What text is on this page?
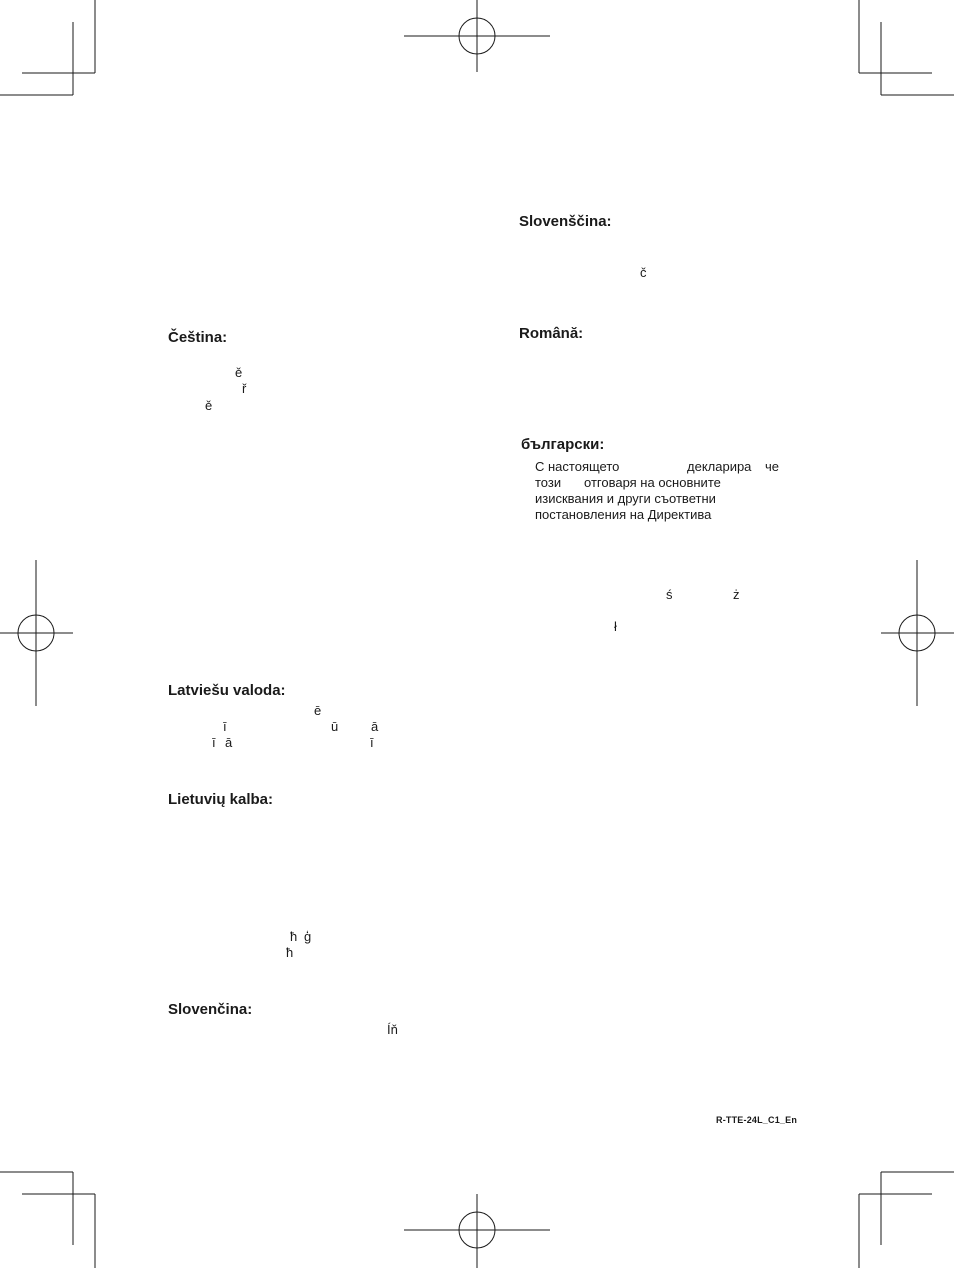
Čeština:
ě
ř
ě
Latviešu valoda:
ē
ī	ū	ā
ī ā	ī
Lietuvių kalba:
ħ ģ
ħ
Slovenčina:
Íň
Slovenščina:
č
Română:
български:
С настоящето	декларира че
този отговаря на основните
изисквания и други съответни
постановления на Директива
ś	ż
ł
R-TTE-24L_C1_En
